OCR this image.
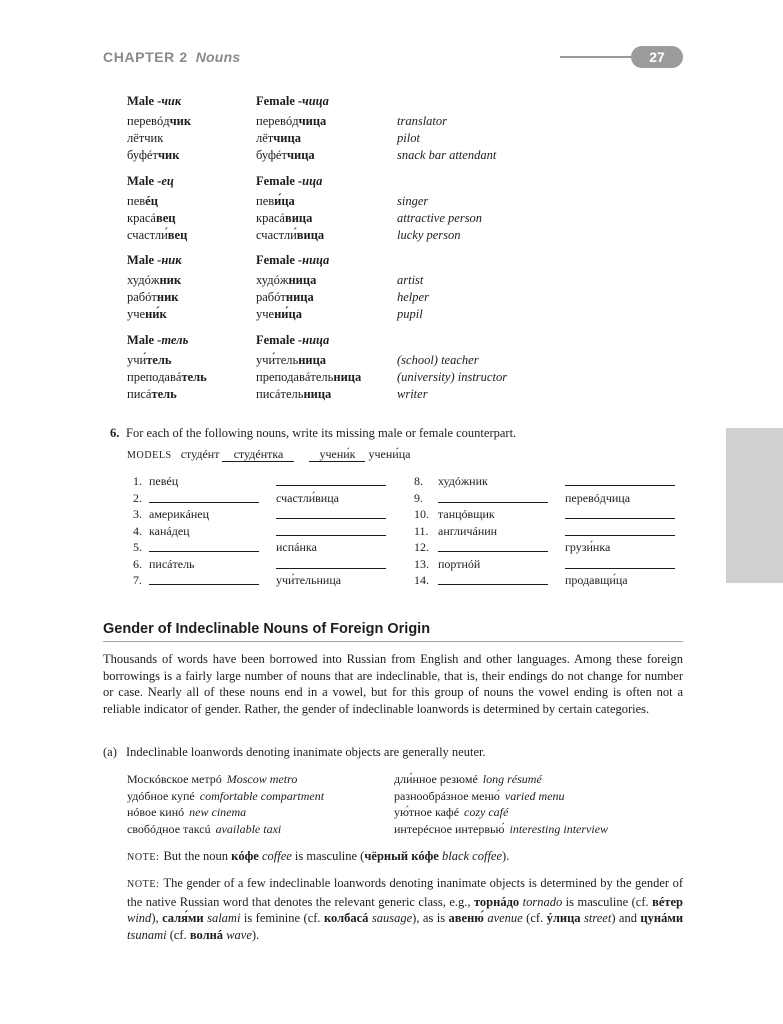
CHAPTER 2 Nouns	27
Male -чик	Female -чица
перевóдчик	перевóдчица	translator
лётчик	лётчица	pilot
буфéтчик	буфéтчица	snack bar attendant
Male -ец	Female -ица
певéц	певи́ца	singer
красáвец	красáвица	attractive person
счастли́вец	счастли́вица	lucky person
Male -ник	Female -ница
худóжник	худóжница	artist
рабóтник	рабóтница	helper
учени́к	учени́ца	pupil
Male -тель	Female -ница
учи́тель	учи́тельница	(school) teacher
преподавáтель	преподавáтельница	(university) instructor
писáтель	писáтельница	writer
6. For each of the following nouns, write its missing male or female counterpart.
MODELS студéнт студéнтка	учени́к учени́ца
1. певéц
2.	счастли́вица
3. америкáнец
4. канáдец
5.	испáнка
6. писáтель
7.	учи́тельница
8. худóжник
9.	перевóдчица
10. танцóвщик
11. англичáнин
12.	грузи́нка
13. портнóй
14.	продавщи́ца
Gender of Indeclinable Nouns of Foreign Origin
Thousands of words have been borrowed into Russian from English and other languages. Among these foreign borrowings is a fairly large number of nouns that are indeclinable, that is, their endings do not change for number or case. Nearly all of these nouns end in a vowel, but for this group of nouns the vowel ending is often not a reliable indicator of gender. Rather, the gender of indeclinable loanwords is determined by certain categories.
(a) Indeclinable loanwords denoting inanimate objects are generally neuter.
Москóвское метрó Moscow metro
удóбное купé comfortable compartment
нóвое кинó new cinema
свобóдное таксú available taxi
дли́нное резюмé long résumé
разнообрáзное меню́ varied menu
ую́тное кафé cozy café
интерéсное интервью́ interesting interview
NOTE: But the noun кóфе coffee is masculine (чёрный кóфе black coffee).
NOTE: The gender of a few indeclinable loanwords denoting inanimate objects is determined by the gender of the native Russian word that denotes the relevant generic class, e.g., торнáдо tornado is masculine (cf. вéтер wind), саля́ми salami is feminine (cf. колбасá sausage), as is авеню́ avenue (cf. ýлица street) and цунáми tsunami (cf. волнá wave).
